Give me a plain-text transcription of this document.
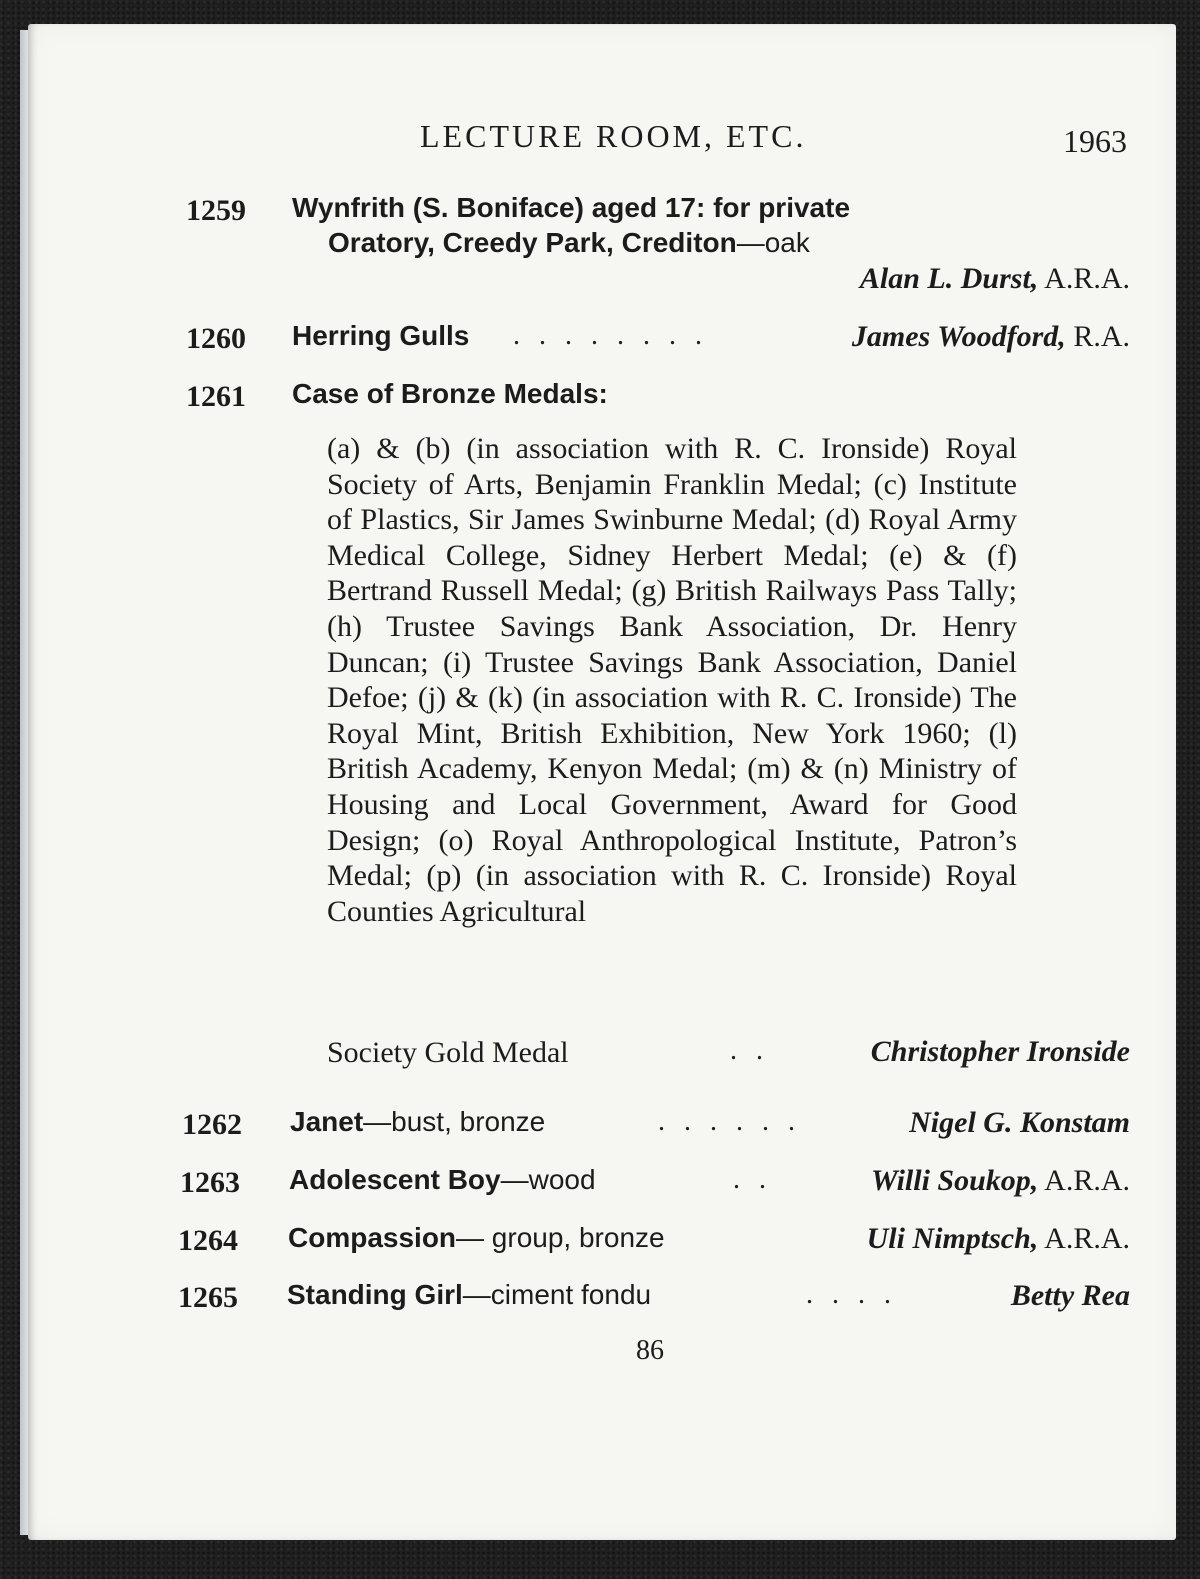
LECTURE ROOM, ETC.	1963
1259 Wynfrith (S. Boniface) aged 17: for private
Oratory, Creedy Park, Crediton—oak
Alan L. Durst, A.R.A.
1260 Herring Gulls . . . . . . . .	James Woodford, R.A.
1261 Case of Bronze Medals:
(a) & (b) (in association with R. C. Ironside) Royal Society of Arts, Benjamin Franklin Medal; (c) Institute of Plastics, Sir James Swinburne Medal; (d) Royal Army Medical College, Sidney Herbert Medal; (e) & (f) Bertrand Russell Medal; (g) British Railways Pass Tally; (h) Trustee Savings Bank Association, Dr. Henry Duncan; (i) Trustee Savings Bank Association, Daniel Defoe; (j) & (k) (in association with R. C. Ironside) The Royal Mint, British Exhibition, New York 1960; (l) British Academy, Kenyon Medal; (m) & (n) Ministry of Housing and Local Government, Award for Good Design; (o) Royal Anthropological Institute, Patron’s Medal; (p) (in association with R. C. Ironside) Royal Counties Agricultural
Society Gold Medal	. .	Christopher Ironside
1262 Janet—bust, bronze	. . . . . .	Nigel G. Konstam
1263 Adolescent Boy—wood	. .	Willi Soukop, A.R.A.
1264 Compassion— group, bronze	Uli Nimptsch, A.R.A.
1265 Standing Girl—ciment fondu	. . . .	Betty Rea
86
